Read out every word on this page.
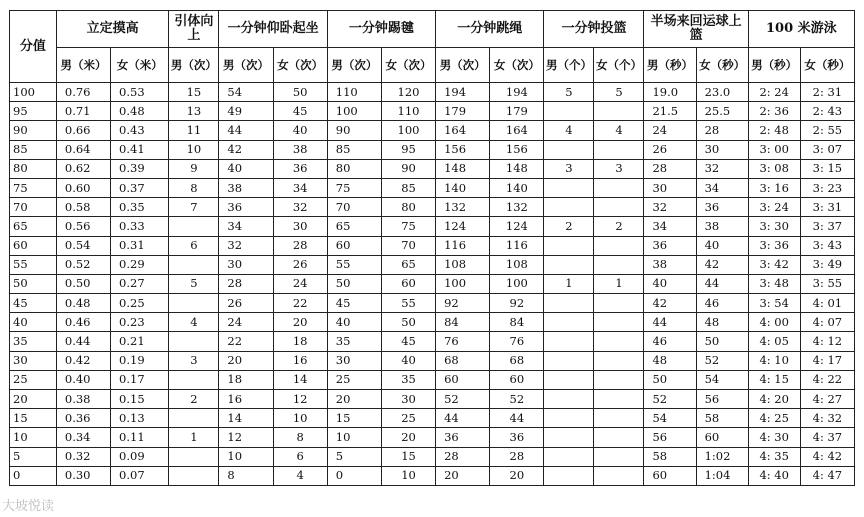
分值	立定摸高		引体向上	一分钟仰卧起坐		一分钟踢毽		一分钟跳绳		一分钟投篮		半场来回运球上篮		100 米游泳	
	男（米）	女（米）	男（次）	男（次）	女（次）	男（次）	女（次）	男（次）	女（次）	男（个）	女（个）	男（秒）	女（秒）	男（秒）	女（秒）
100	0.76	0.53	15	54	50	110	120	194	194	5	5	19.0	23.0	2: 24	2: 31
95	0.71	0.48	13	49	45	100	110	179	179			21.5	25.5	2: 36	2: 43
90	0.66	0.43	11	44	40	90	100	164	164	4	4	24	28	2: 48	2: 55
85	0.64	0.41	10	42	38	85	95	156	156			26	30	3: 00	3: 07
80	0.62	0.39	9	40	36	80	90	148	148	3	3	28	32	3: 08	3: 15
75	0.60	0.37	8	38	34	75	85	140	140			30	34	3: 16	3: 23
70	0.58	0.35	7	36	32	70	80	132	132			32	36	3: 24	3: 31
65	0.56	0.33		34	30	65	75	124	124	2	2	34	38	3: 30	3: 37
60	0.54	0.31	6	32	28	60	70	116	116			36	40	3: 36	3: 43
55	0.52	0.29		30	26	55	65	108	108			38	42	3: 42	3: 49
50	0.50	0.27	5	28	24	50	60	100	100	1	1	40	44	3: 48	3: 55
45	0.48	0.25		26	22	45	55	92	92			42	46	3: 54	4: 01
40	0.46	0.23	4	24	20	40	50	84	84			44	48	4: 00	4: 07
35	0.44	0.21		22	18	35	45	76	76			46	50	4: 05	4: 12
30	0.42	0.19	3	20	16	30	40	68	68			48	52	4: 10	4: 17
25	0.40	0.17		18	14	25	35	60	60			50	54	4: 15	4: 22
20	0.38	0.15	2	16	12	20	30	52	52			52	56	4: 20	4: 27
15	0.36	0.13		14	10	15	25	44	44			54	58	4: 25	4: 32
10	0.34	0.11	1	12	8	10	20	36	36			56	60	4: 30	4: 37
5	0.32	0.09		10	6	5	15	28	28			58	1:02	4: 35	4: 42
0	0.30	0.07		8	4	0	10	20	20			60	1:04	4: 40	4: 47
大坡悦读
